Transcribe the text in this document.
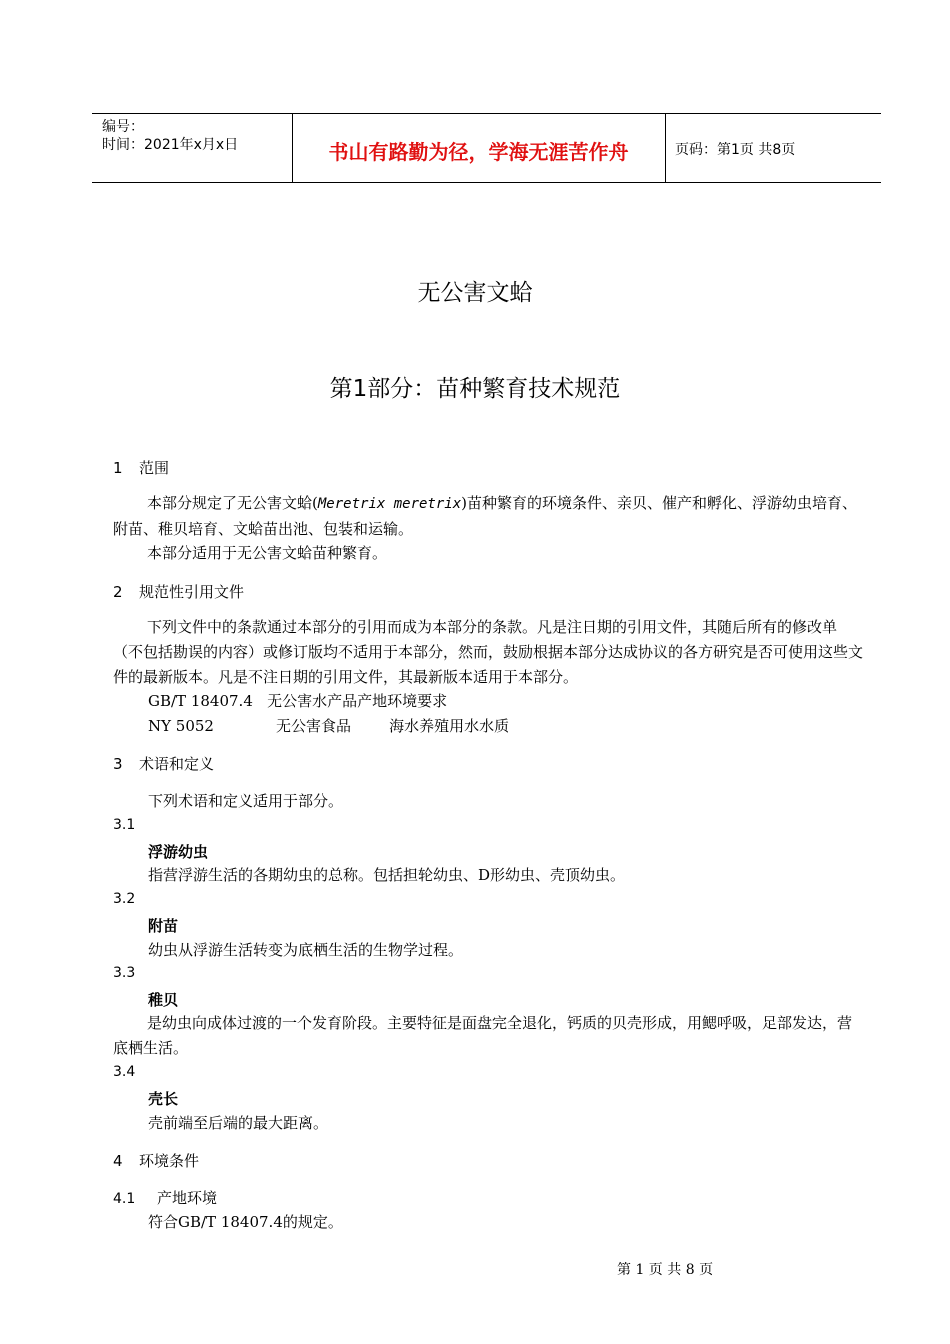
编号：
时间：2021年x月x日	书山有路勤为径，学海无涯苦作舟	页码：第1页 共8页
无公害文蛤
第1部分：苗种繁育技术规范
1 范围
本部分规定了无公害文蛤(Meretrix meretrix)苗种繁育的环境条件、亲贝、催产和孵化、浮游幼虫培育、附苗、稚贝培育、文蛤苗出池、包装和运输。
本部分适用于无公害文蛤苗种繁育。
2 规范性引用文件
下列文件中的条款通过本部分的引用而成为本部分的条款。凡是注日期的引用文件，其随后所有的修改单（不包括勘误的内容）或修订版均不适用于本部分，然而，鼓励根据本部分达成协议的各方研究是否可使用这些文件的最新版本。凡是不注日期的引用文件，其最新版本适用于本部分。
GB/T 18407.4   无公害水产品产地环境要求
NY 5052             无公害食品        海水养殖用水水质
3 术语和定义
下列术语和定义适用于部分。
3.1
浮游幼虫
指营浮游生活的各期幼虫的总称。包括担轮幼虫、D形幼虫、壳顶幼虫。
3.2
附苗
幼虫从浮游生活转变为底栖生活的生物学过程。
3.3
稚贝
是幼虫向成体过渡的一个发育阶段。主要特征是面盘完全退化，钙质的贝壳形成，用鳃呼吸，足部发达，营底栖生活。
3.4
壳长
壳前端至后端的最大距离。
4 环境条件
4.1 产地环境
符合GB/T 18407.4的规定。
第 1 页 共 8 页
